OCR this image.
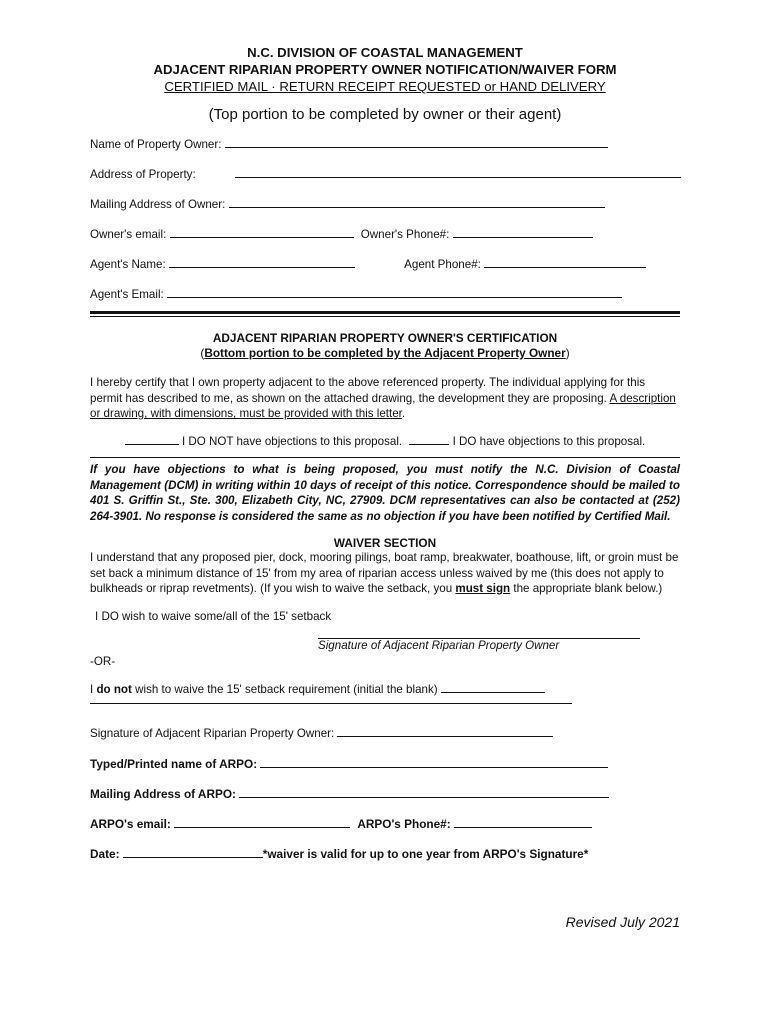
N.C. DIVISION OF COASTAL MANAGEMENT
ADJACENT RIPARIAN PROPERTY OWNER NOTIFICATION/WAIVER FORM
CERTIFIED MAIL · RETURN RECEIPT REQUESTED or HAND DELIVERY
(Top portion to be completed by owner or their agent)
Name of Property Owner:
Address of Property:
Mailing Address of Owner:
Owner's email:	Owner's Phone#:
Agent's Name:	Agent Phone#:
Agent's Email:
ADJACENT RIPARIAN PROPERTY OWNER'S CERTIFICATION
(Bottom portion to be completed by the Adjacent Property Owner)
I hereby certify that I own property adjacent to the above referenced property. The individual applying for this permit has described to me, as shown on the attached drawing, the development they are proposing. A description or drawing, with dimensions, must be provided with this letter.
I DO NOT have objections to this proposal.	I DO have objections to this proposal.
If you have objections to what is being proposed, you must notify the N.C. Division of Coastal Management (DCM) in writing within 10 days of receipt of this notice. Correspondence should be mailed to 401 S. Griffin St., Ste. 300, Elizabeth City, NC, 27909. DCM representatives can also be contacted at (252) 264-3901. No response is considered the same as no objection if you have been notified by Certified Mail.
WAIVER SECTION
I understand that any proposed pier, dock, mooring pilings, boat ramp, breakwater, boathouse, lift, or groin must be set back a minimum distance of 15' from my area of riparian access unless waived by me (this does not apply to bulkheads or riprap revetments). (If you wish to waive the setback, you must sign the appropriate blank below.)
I DO wish to waive some/all of the 15' setback
Signature of Adjacent Riparian Property Owner
-OR-
I do not wish to waive the 15' setback requirement (initial the blank)
Signature of Adjacent Riparian Property Owner:
Typed/Printed name of ARPO:
Mailing Address of ARPO:
ARPO's email:	ARPO's Phone#:
Date:	*waiver is valid for up to one year from ARPO's Signature*
Revised July 2021
